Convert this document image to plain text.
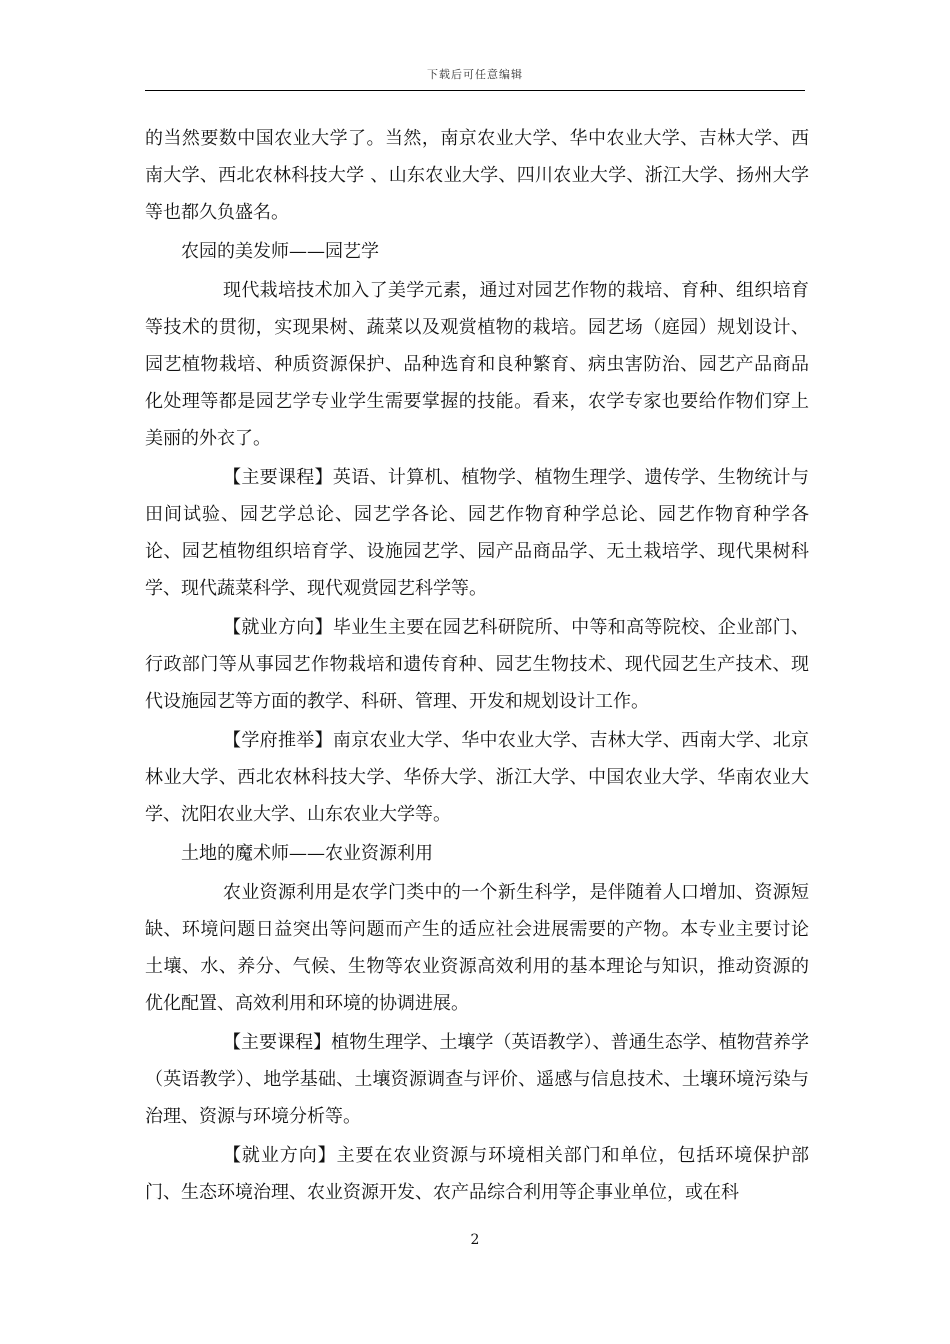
下载后可任意编辑

的当然要数中国农业大学了。当然，南京农业大学、华中农业大学、吉林大学、西南大学、西北农林科技大学 、山东农业大学、四川农业大学、浙江大学、扬州大学等也都久负盛名。

农园的美发师——园艺学

现代栽培技术加入了美学元素，通过对园艺作物的栽培、育种、组织培育等技术的贯彻，实现果树、蔬菜以及观赏植物的栽培。园艺场（庭园）规划设计、园艺植物栽培、种质资源保护、品种选育和良种繁育、病虫害防治、园艺产品商品化处理等都是园艺学专业学生需要掌握的技能。看来，农学专家也要给作物们穿上美丽的外衣了。

【主要课程】英语、计算机、植物学、植物生理学、遗传学、生物统计与田间试验、园艺学总论、园艺学各论、园艺作物育种学总论、园艺作物育种学各论、园艺植物组织培育学、设施园艺学、园产品商品学、无土栽培学、现代果树科学、现代蔬菜科学、现代观赏园艺科学等。

【就业方向】毕业生主要在园艺科研院所、中等和高等院校、企业部门、行政部门等从事园艺作物栽培和遗传育种、园艺生物技术、现代园艺生产技术、现代设施园艺等方面的教学、科研、管理、开发和规划设计工作。

【学府推举】南京农业大学、华中农业大学、吉林大学、西南大学、北京林业大学、西北农林科技大学、华侨大学、浙江大学、中国农业大学、华南农业大学、沈阳农业大学、山东农业大学等。

土地的魔术师——农业资源利用

农业资源利用是农学门类中的一个新生科学，是伴随着人口增加、资源短缺、环境问题日益突出等问题而产生的适应社会进展需要的产物。本专业主要讨论土壤、水、养分、气候、生物等农业资源高效利用的基本理论与知识，推动资源的优化配置、高效利用和环境的协调进展。

【主要课程】植物生理学、土壤学（英语教学）、普通生态学、植物营养学（英语教学）、地学基础、土壤资源调查与评价、遥感与信息技术、土壤环境污染与治理、资源与环境分析等。

【就业方向】主要在农业资源与环境相关部门和单位，包括环境保护部门、生态环境治理、农业资源开发、农产品综合利用等企事业单位，或在科

2
